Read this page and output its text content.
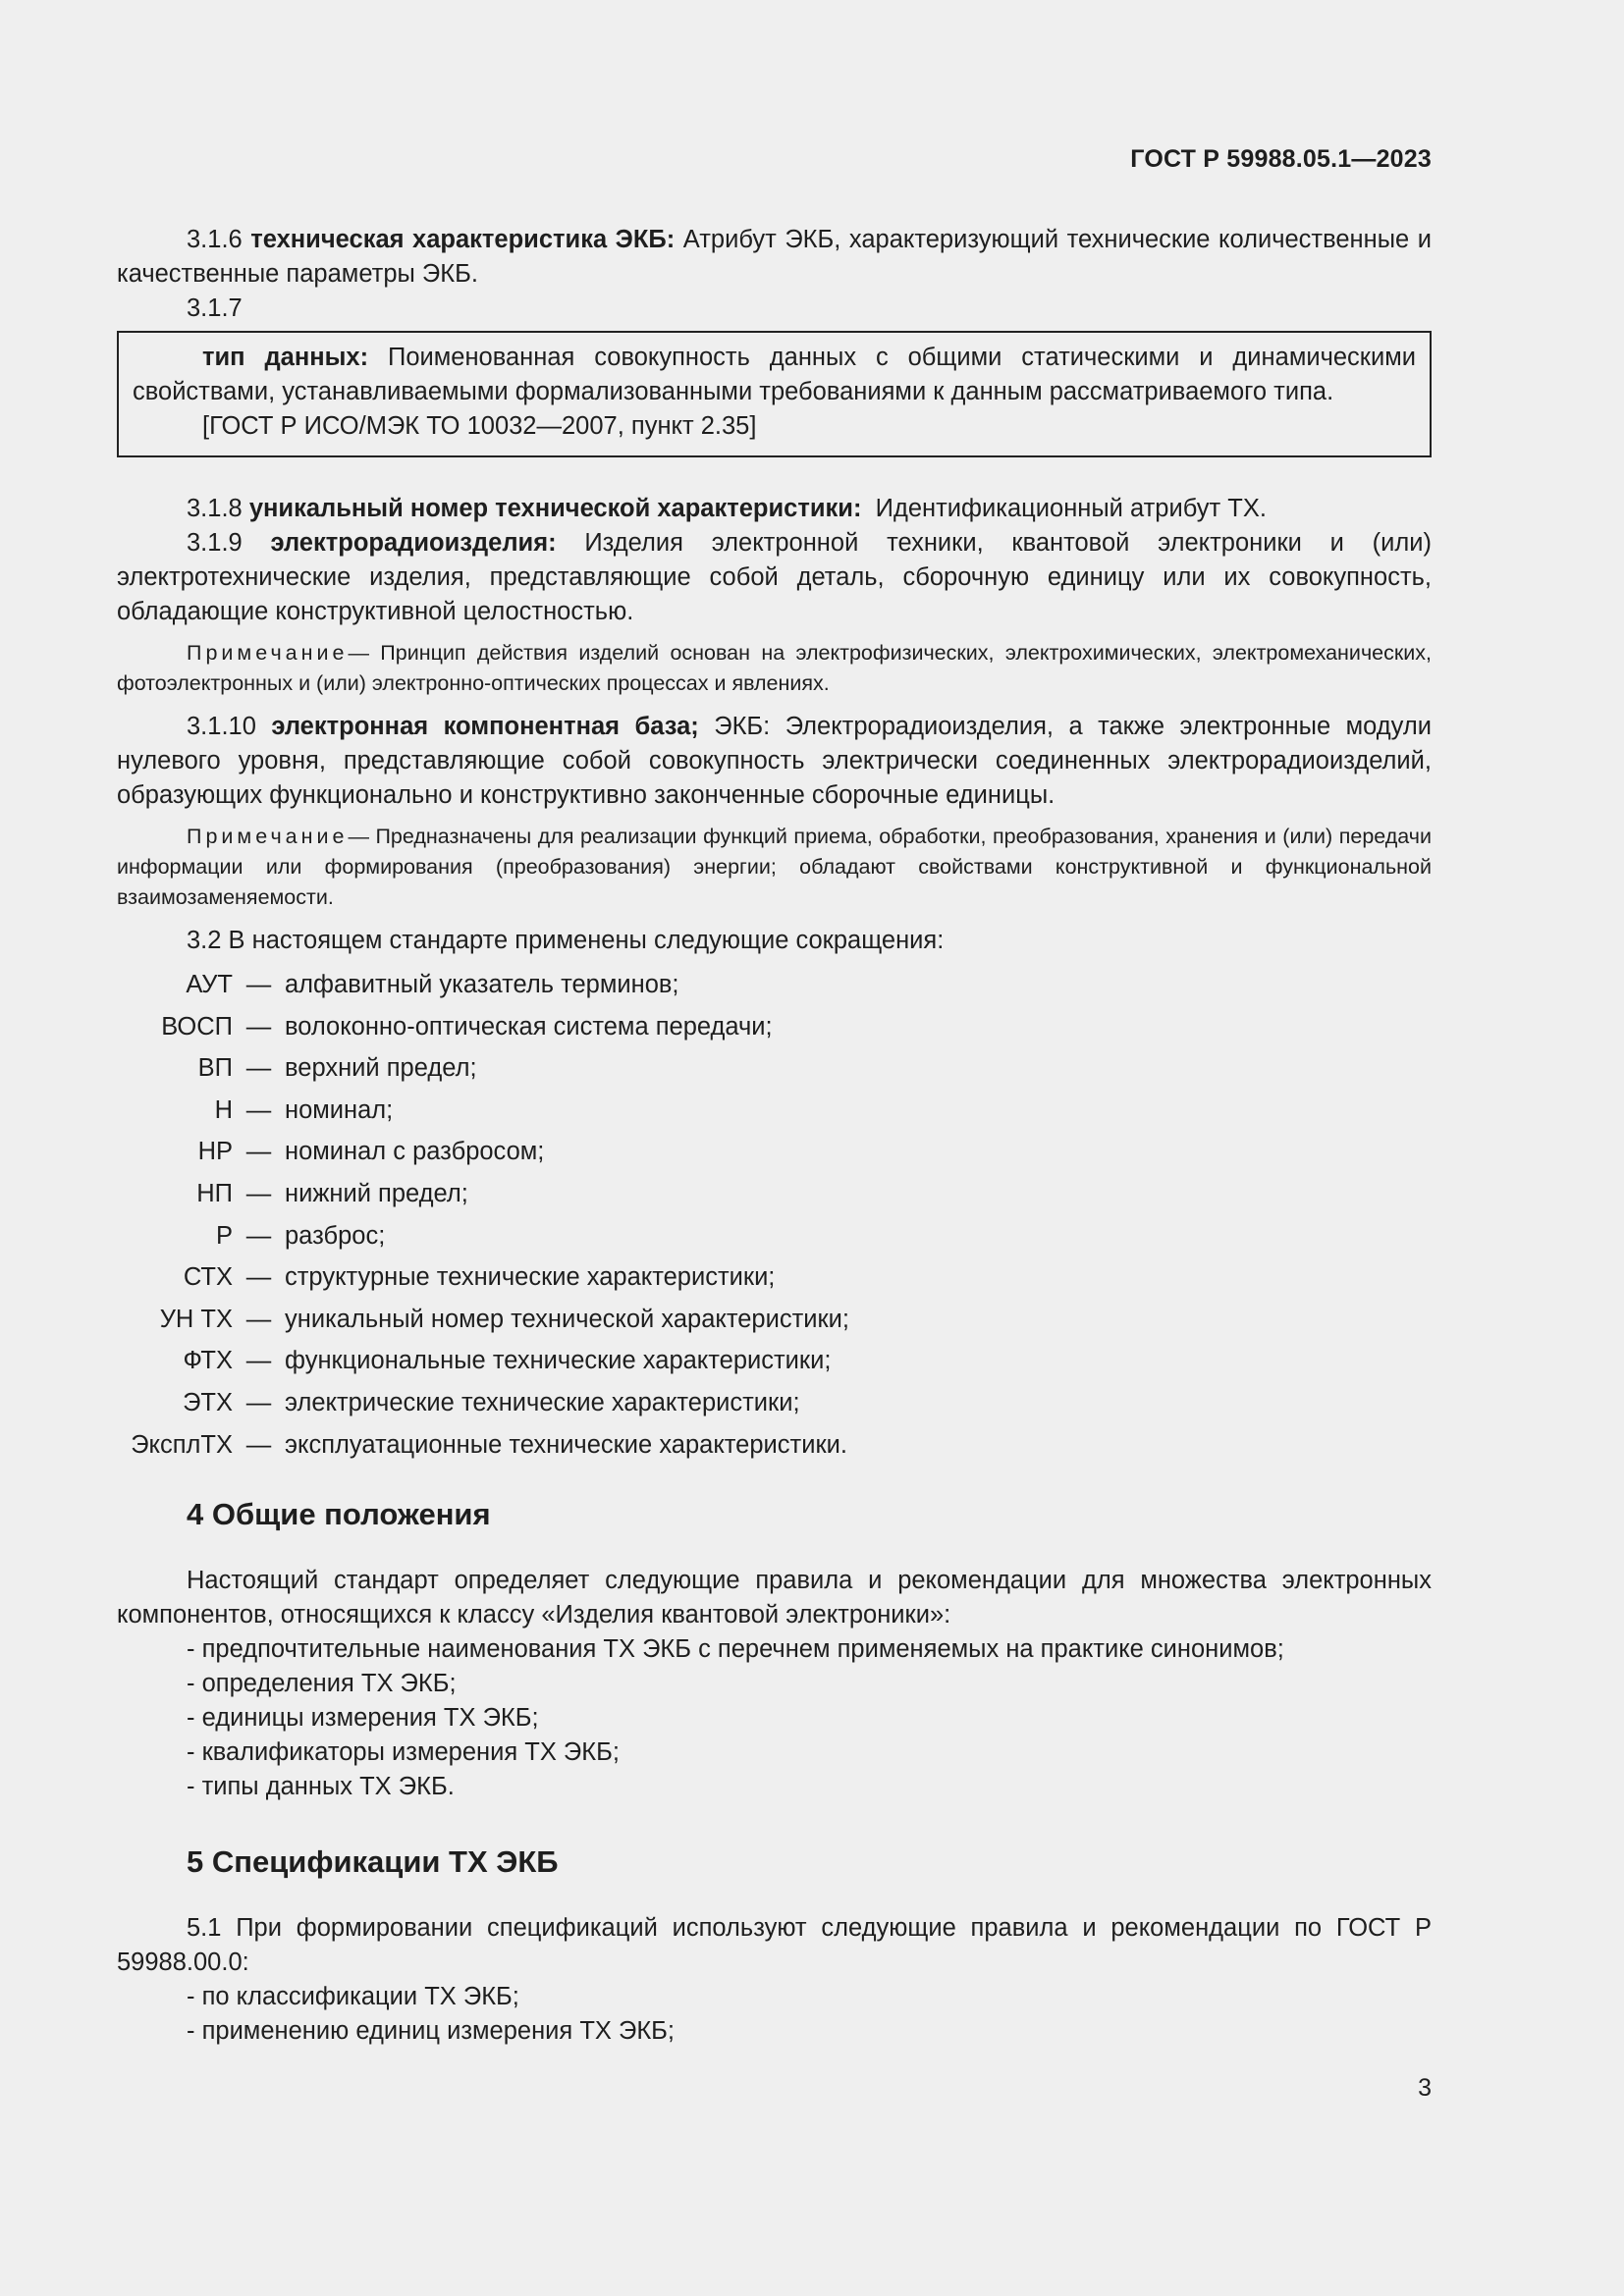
ГОСТ Р 59988.05.1—2023

3.1.6 техническая характеристика ЭКБ: Атрибут ЭКБ, характеризующий технические количественные и качественные параметры ЭКБ.

3.1.7

тип данных: Поименованная совокупность данных с общими статическими и динамическими свойствами, устанавливаемыми формализованными требованиями к данным рассматриваемого типа.

[ГОСТ Р ИСО/МЭК ТО 10032—2007, пункт 2.35]

3.1.8 уникальный номер технической характеристики: Идентификационный атрибут ТХ.

3.1.9 электрорадиоизделия: Изделия электронной техники, квантовой электроники и (или) электротехнические изделия, представляющие собой деталь, сборочную единицу или их совокупность, обладающие конструктивной целостностью.

Примечание— Принцип действия изделий основан на электрофизических, электрохимических, электромеханических, фотоэлектронных и (или) электронно-оптических процессах и явлениях.

3.1.10 электронная компонентная база; ЭКБ: Электрорадиоизделия, а также электронные модули нулевого уровня, представляющие собой совокупность электрически соединенных электрорадиоизделий, образующих функционально и конструктивно законченные сборочные единицы.

Примечание— Предназначены для реализации функций приема, обработки, преобразования, хранения и (или) передачи информации или формирования (преобразования) энергии; обладают свойствами конструктивной и функциональной взаимозаменяемости.

3.2 В настоящем стандарте применены следующие сокращения:

АУТ — алфавитный указатель терминов;
ВОСП — волоконно-оптическая система передачи;
ВП — верхний предел;
Н — номинал;
НР — номинал с разбросом;
НП — нижний предел;
Р — разброс;
СТХ — структурные технические характеристики;
УН ТХ — уникальный номер технической характеристики;
ФТХ — функциональные технические характеристики;
ЭТХ — электрические технические характеристики;
ЭксплТХ — эксплуатационные технические характеристики.
4 Общие положения

Настоящий стандарт определяет следующие правила и рекомендации для множества электронных компонентов, относящихся к классу «Изделия квантовой электроники»:

- предпочтительные наименования ТХ ЭКБ с перечнем применяемых на практике синонимов;

- определения ТХ ЭКБ;

- единицы измерения ТХ ЭКБ;

- квалификаторы измерения ТХ ЭКБ;

- типы данных ТХ ЭКБ.

5 Спецификации ТХ ЭКБ

5.1 При формировании спецификаций используют следующие правила и рекомендации по ГОСТ Р 59988.00.0:

- по классификации ТХ ЭКБ;

- применению единиц измерения ТХ ЭКБ;

3
